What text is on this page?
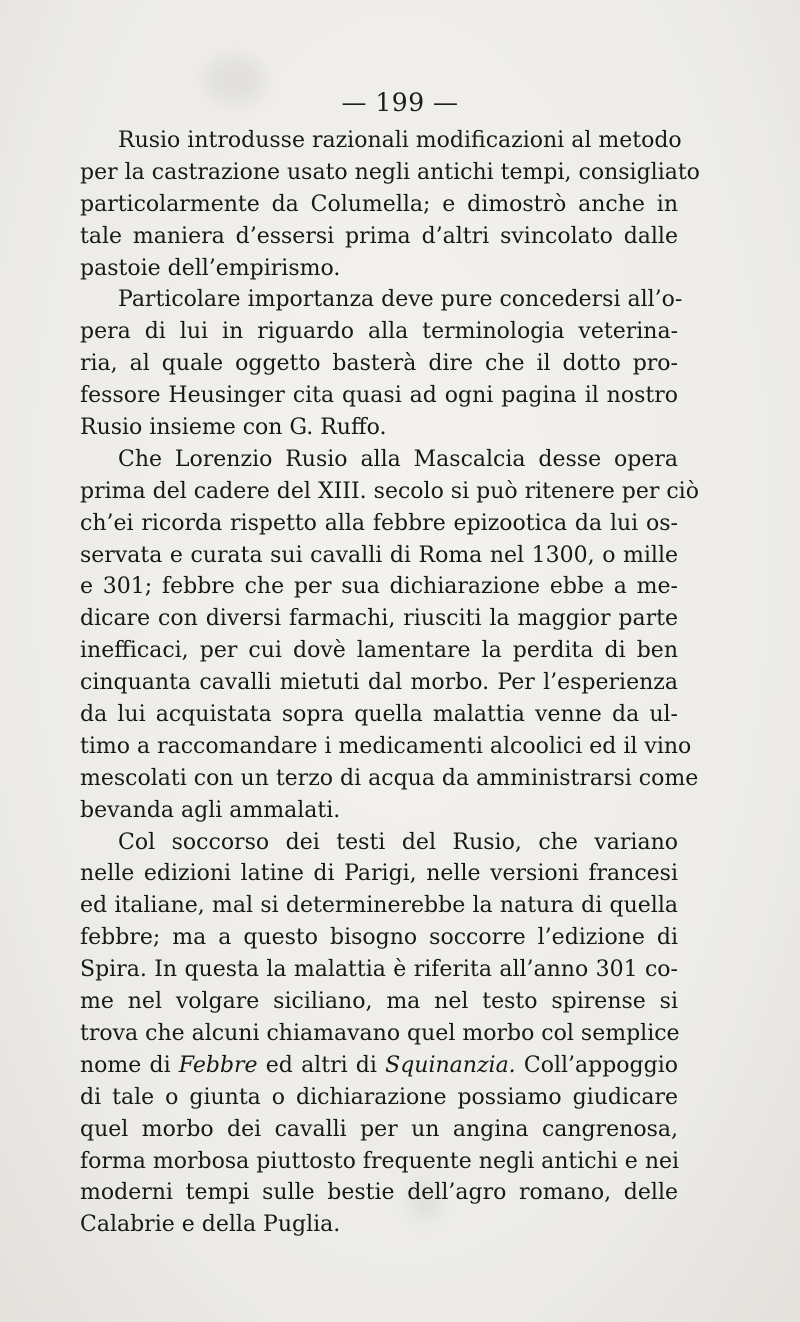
— 199 —
Rusio introdusse razionali modificazioni al metodo
per la castrazione usato negli antichi tempi, consigliato
particolarmente da Columella; e dimostrò anche in
tale maniera d’essersi prima d’altri svincolato dalle
pastoie dell’empirismo.
Particolare importanza deve pure concedersi all’o-
pera di lui in riguardo alla terminologia veterina-
ria, al quale oggetto basterà dire che il dotto pro-
fessore Heusinger cita quasi ad ogni pagina il nostro
Rusio insieme con G. Ruffo.
Che Lorenzio Rusio alla Mascalcia desse opera
prima del cadere del XIII. secolo si può ritenere per ciò
ch’ei ricorda rispetto alla febbre epizootica da lui os-
servata e curata sui cavalli di Roma nel 1300, o mille
e 301; febbre che per sua dichiarazione ebbe a me-
dicare con diversi farmachi, riusciti la maggior parte
inefficaci, per cui dovè lamentare la perdita di ben
cinquanta cavalli mietuti dal morbo. Per l’esperienza
da lui acquistata sopra quella malattia venne da ul-
timo a raccomandare i medicamenti alcoolici ed il vino
mescolati con un terzo di acqua da amministrarsi come
bevanda agli ammalati.
Col soccorso dei testi del Rusio, che variano
nelle edizioni latine di Parigi, nelle versioni francesi
ed italiane, mal si determinerebbe la natura di quella
febbre; ma a questo bisogno soccorre l’edizione di
Spira. In questa la malattia è riferita all’anno 301 co-
me nel volgare siciliano, ma nel testo spirense si
trova che alcuni chiamavano quel morbo col semplice
nome di Febbre ed altri di Squinanzia. Coll’appoggio
di tale o giunta o dichiarazione possiamo giudicare
quel morbo dei cavalli per un angina cangrenosa,
forma morbosa piuttosto frequente negli antichi e nei
moderni tempi sulle bestie dell’agro romano, delle
Calabrie e della Puglia.
